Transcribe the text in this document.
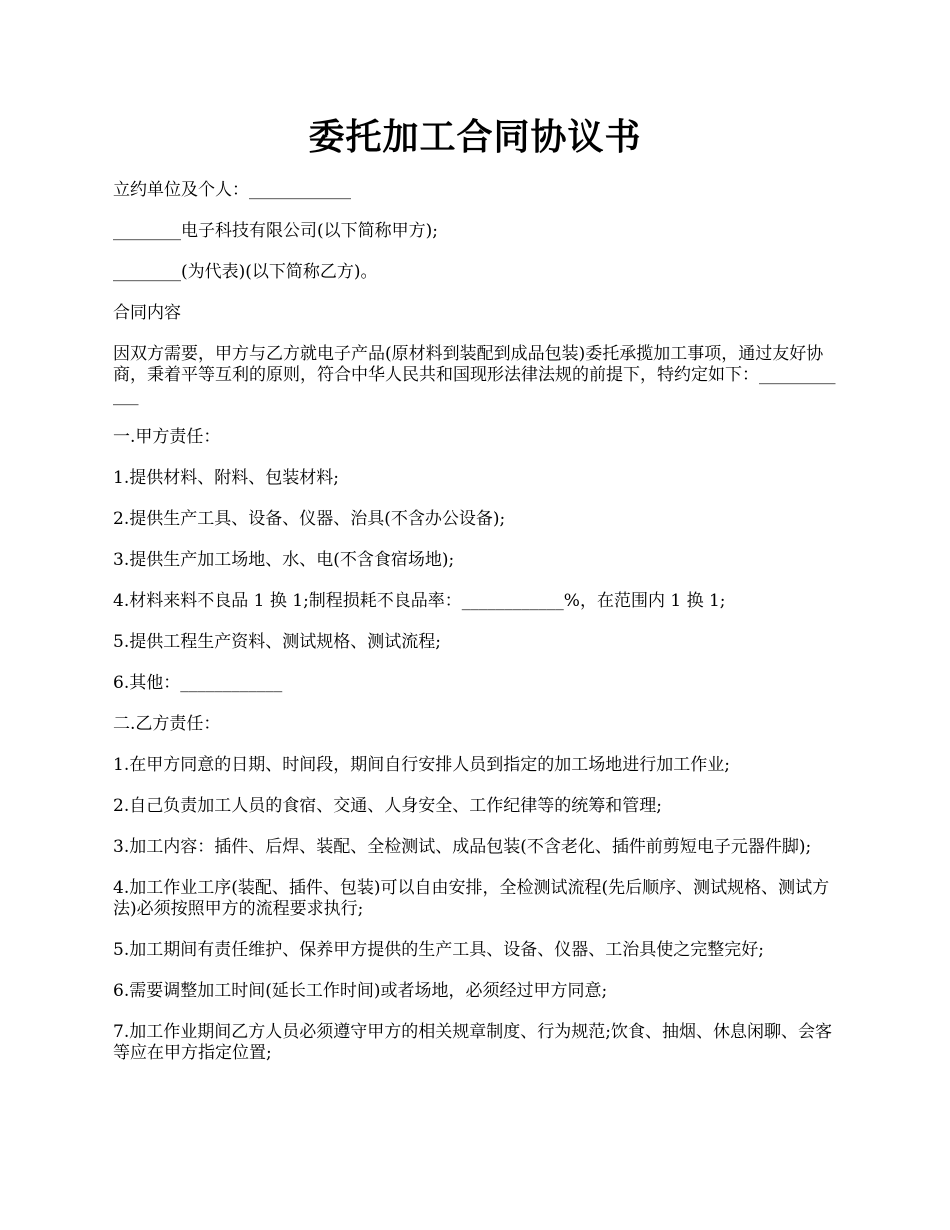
委托加工合同协议书

立约单位及个人：____________

________电子科技有限公司(以下简称甲方);

________(为代表)(以下简称乙方)。

合同内容

因双方需要，甲方与乙方就电子产品(原材料到装配到成品包装)委托承揽加工事项，通过友好协商，秉着平等互利的原则，符合中华人民共和国现形法律法规的前提下，特约定如下：____________

一.甲方责任：

1.提供材料、附料、包装材料;

2.提供生产工具、设备、仪器、治具(不含办公设备);

3.提供生产加工场地、水、电(不含食宿场地);

4.材料来料不良品 1 换 1;制程损耗不良品率：____________%，在范围内 1 换 1;

5.提供工程生产资料、测试规格、测试流程;

6.其他：____________

二.乙方责任：

1.在甲方同意的日期、时间段，期间自行安排人员到指定的加工场地进行加工作业;

2.自己负责加工人员的食宿、交通、人身安全、工作纪律等的统筹和管理;

3.加工内容：插件、后焊、装配、全检测试、成品包装(不含老化、插件前剪短电子元器件脚);

4.加工作业工序(装配、插件、包装)可以自由安排，全检测试流程(先后顺序、测试规格、测试方法)必须按照甲方的流程要求执行;

5.加工期间有责任维护、保养甲方提供的生产工具、设备、仪器、工治具使之完整完好;

6.需要调整加工时间(延长工作时间)或者场地，必须经过甲方同意;

7.加工作业期间乙方人员必须遵守甲方的相关规章制度、行为规范;饮食、抽烟、休息闲聊、会客等应在甲方指定位置;
